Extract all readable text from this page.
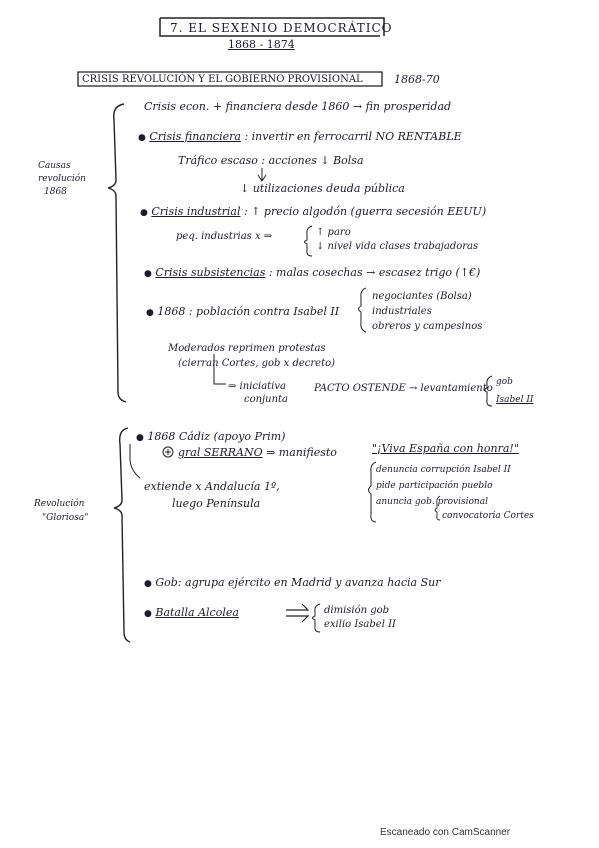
7. EL SEXENIO DEMOCRÁTICO
1868 - 1874
CRISIS REVOLUCIÓN Y EL GOBIERNO PROVISIONAL	1868-70
Causas
revolución
1868
Crisis econ. + financiera desde 1860 → fin prosperidad
● Crisis financiera : invertir en ferrocarril NO RENTABLE
Tráfico escaso : acciones ↓ Bolsa
↓ utilizaciones deuda pública
● Crisis industrial : ↑ precio algodón (guerra secesión EEUU)
peq. industrias x ⇒	↑ paro
↓ nivel vida clases trabajadoras
● Crisis subsistencias : malas cosechas → escasez trigo (↑€)
● 1868 : población contra Isabel II
negociantes (Bolsa)
industriales
obreros y campesinos
Moderados reprimen protestas
(cierran Cortes, gob x decreto)
⇒ iniciativa
conjunta
PACTO OSTENDE → levantamiento
gob
Isabel II
Revolución
"Gloriosa"
● 1868 Cádiz (apoyo Prim)
gral SERRANO ⇒ manifiesto	"¡Viva España con honra!"
extiende x Andalucía 1º,
luego Península
denuncia corrupción Isabel II
pide participación pueblo
anuncia gob. provisional
convocatoria Cortes
● Gob: agrupa ejército en Madrid y avanza hacia Sur
● Batalla Alcolea	dimisión gob
exilio Isabel II
Escaneado con CamScanner
